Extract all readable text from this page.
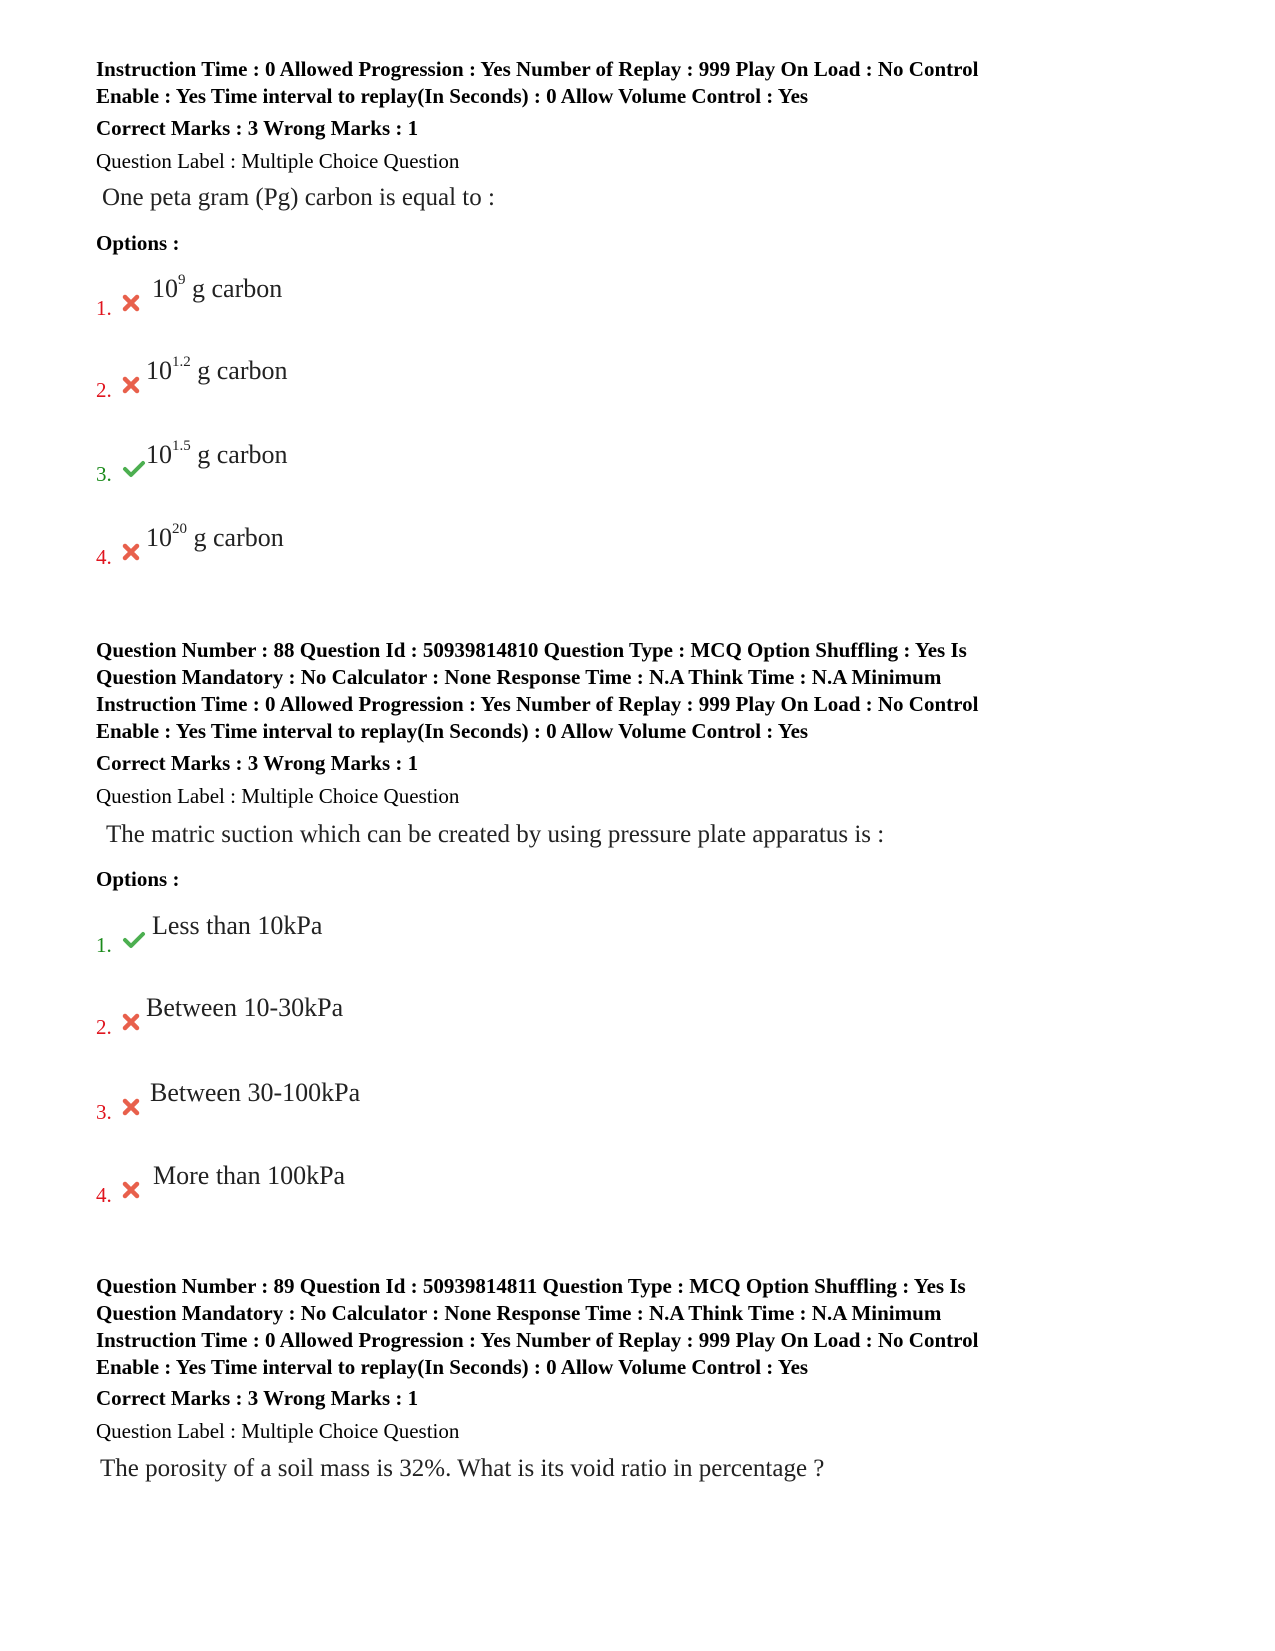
Instruction Time : 0 Allowed Progression : Yes Number of Replay : 999 Play On Load : No Control
Enable : Yes Time interval to replay(In Seconds) : 0 Allow Volume Control : Yes
Correct Marks : 3 Wrong Marks : 1
Question Label : Multiple Choice Question
One peta gram (Pg) carbon is equal to :
Options :
1.
$10^9$ g carbon
2.
$10^{1.2}$ g carbon
3.
$10^{1.5}$ g carbon
4.
$10^{20}$ g carbon
Question Number : 88 Question Id : 50939814810 Question Type : MCQ Option Shuffling : Yes Is
Question Mandatory : No Calculator : None Response Time : N.A Think Time : N.A Minimum
Instruction Time : 0 Allowed Progression : Yes Number of Replay : 999 Play On Load : No Control
Enable : Yes Time interval to replay(In Seconds) : 0 Allow Volume Control : Yes
Correct Marks : 3 Wrong Marks : 1
Question Label : Multiple Choice Question
The matric suction which can be created by using pressure plate apparatus is :
Options :
1.
Less than 10kPa
2.
Between 10-30kPa
3.
Between 30-100kPa
4.
More than 100kPa
Question Number : 89 Question Id : 50939814811 Question Type : MCQ Option Shuffling : Yes Is
Question Mandatory : No Calculator : None Response Time : N.A Think Time : N.A Minimum
Instruction Time : 0 Allowed Progression : Yes Number of Replay : 999 Play On Load : No Control
Enable : Yes Time interval to replay(In Seconds) : 0 Allow Volume Control : Yes
Correct Marks : 3 Wrong Marks : 1
Question Label : Multiple Choice Question
The porosity of a soil mass is 32%. What is its void ratio in percentage ?
